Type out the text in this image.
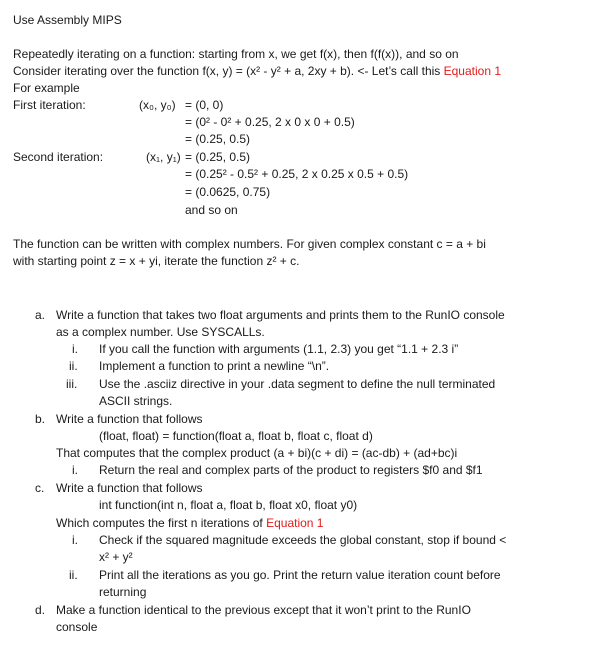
Use Assembly MIPS
Repeatedly iterating on a function: starting from x, we get f(x), then f(f(x)), and so on
Consider iterating over the function f(x, y) = (x² - y² + a, 2xy + b). <- Let’s call this Equation 1
For example
First iteration:	(x₀, y₀) = (0, 0)
= (0² - 0² + 0.25, 2 x 0 x 0 + 0.5)
= (0.25, 0.5)
Second iteration:	(x₁, y₁) = (0.25, 0.5)
= (0.25² - 0.5² + 0.25, 2 x 0.25 x 0.5 + 0.5)
= (0.0625, 0.75)
and so on
The function can be written with complex numbers. For given complex constant c = a + bi
with starting point z = x + yi, iterate the function z² + c.
a. Write a function that takes two float arguments and prints them to the RunIO console
as a complex number. Use SYSCALLs.
i. If you call the function with arguments (1.1, 2.3) you get “1.1 + 2.3 i”
ii. Implement a function to print a newline “\n”.
iii. Use the .asciiz directive in your .data segment to define the null terminated
ASCII strings.
b. Write a function that follows
(float, float) = function(float a, float b, float c, float d)
That computes that the complex product (a + bi)(c + di) = (ac-db) + (ad+bc)i
i. Return the real and complex parts of the product to registers $f0 and $f1
c. Write a function that follows
int function(int n, float a, float b, float x0, float y0)
Which computes the first n iterations of Equation 1
i. Check if the squared magnitude exceeds the global constant, stop if bound <
x² + y²
ii. Print all the iterations as you go. Print the return value iteration count before
returning
d. Make a function identical to the previous except that it won’t print to the RunIO
console
